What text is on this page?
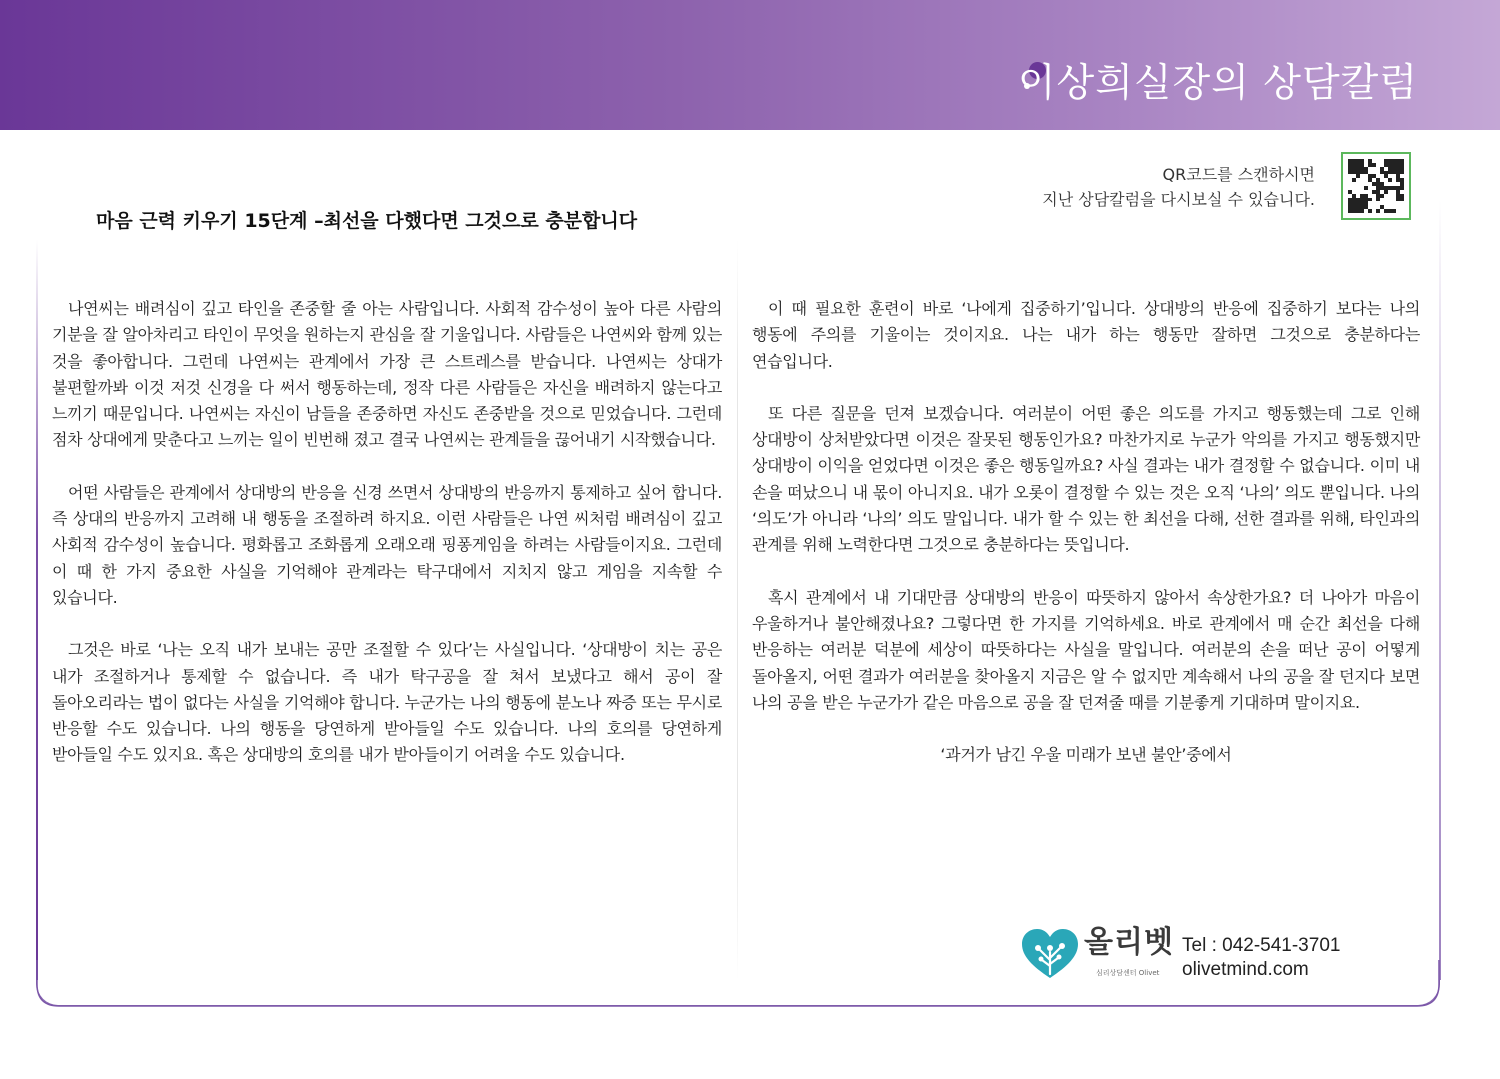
이상희실장의 상담칼럼
QR코드를 스캔하시면
지난 상담칼럼을 다시보실 수 있습니다.
마음 근력 키우기 15단계 –최선을 다했다면 그것으로 충분합니다

나연씨는 배려심이 깊고 타인을 존중할 줄 아는 사람입니다. 사회적 감수성이 높아 다른 사람의 기분을 잘 알아차리고 타인이 무엇을 원하는지 관심을 잘 기울입니다. 사람들은 나연씨와 함께 있는 것을 좋아합니다. 그런데 나연씨는 관계에서 가장 큰 스트레스를 받습니다. 나연씨는 상대가 불편할까봐 이것 저것 신경을 다 써서 행동하는데, 정작 다른 사람들은 자신을 배려하지 않는다고 느끼기 때문입니다. 나연씨는 자신이 남들을 존중하면 자신도 존중받을 것으로 믿었습니다. 그런데 점차 상대에게 맞춘다고 느끼는 일이 빈번해 졌고 결국 나연씨는 관계들을 끊어내기 시작했습니다.

어떤 사람들은 관계에서 상대방의 반응을 신경 쓰면서 상대방의 반응까지 통제하고 싶어 합니다. 즉 상대의 반응까지 고려해 내 행동을 조절하려 하지요. 이런 사람들은 나연 씨처럼 배려심이 깊고 사회적 감수성이 높습니다. 평화롭고 조화롭게 오래오래 핑퐁게임을 하려는 사람들이지요. 그런데 이 때 한 가지 중요한 사실을 기억해야 관계라는 탁구대에서 지치지 않고 게임을 지속할 수 있습니다.

그것은 바로 ‘나는 오직 내가 보내는 공만 조절할 수 있다’는 사실입니다. ‘상대방이 치는 공은 내가 조절하거나 통제할 수 없습니다. 즉 내가 탁구공을 잘 쳐서 보냈다고 해서 공이 잘 돌아오리라는 법이 없다는 사실을 기억해야 합니다. 누군가는 나의 행동에 분노나 짜증 또는 무시로 반응할 수도 있습니다. 나의 행동을 당연하게 받아들일 수도 있습니다. 나의 호의를 당연하게 받아들일 수도 있지요. 혹은 상대방의 호의를 내가 받아들이기 어려울 수도 있습니다.

이 때 필요한 훈련이 바로 ‘나에게 집중하기’입니다. 상대방의 반응에 집중하기 보다는 나의 행동에 주의를 기울이는 것이지요. 나는 내가 하는 행동만 잘하면 그것으로 충분하다는 연습입니다.

또 다른 질문을 던져 보겠습니다. 여러분이 어떤 좋은 의도를 가지고 행동했는데 그로 인해 상대방이 상처받았다면 이것은 잘못된 행동인가요? 마찬가지로 누군가 악의를 가지고 행동했지만 상대방이 이익을 얻었다면 이것은 좋은 행동일까요? 사실 결과는 내가 결정할 수 없습니다. 이미 내 손을 떠났으니 내 몫이 아니지요. 내가 오롯이 결정할 수 있는 것은 오직 ‘나의’ 의도 뿐입니다. 나의 ‘의도’가 아니라 ‘나의’ 의도 말입니다. 내가 할 수 있는 한 최선을 다해, 선한 결과를 위해, 타인과의 관계를 위해 노력한다면 그것으로 충분하다는 뜻입니다.

혹시 관계에서 내 기대만큼 상대방의 반응이 따뜻하지 않아서 속상한가요? 더 나아가 마음이 우울하거나 불안해졌나요? 그렇다면 한 가지를 기억하세요. 바로 관계에서 매 순간 최선을 다해 반응하는 여러분 덕분에 세상이 따뜻하다는 사실을 말입니다. 여러분의 손을 떠난 공이 어떻게 돌아올지, 어떤 결과가 여러분을 찾아올지 지금은 알 수 없지만 계속해서 나의 공을 잘 던지다 보면 나의 공을 받은 누군가가 같은 마음으로 공을 잘 던져줄 때를 기분좋게 기대하며 말이지요.

‘과거가 남긴 우울 미래가 보낸 불안’중에서

올리벳
심리상담센터 Olivet
Tel : 042-541-3701
olivetmind.com
